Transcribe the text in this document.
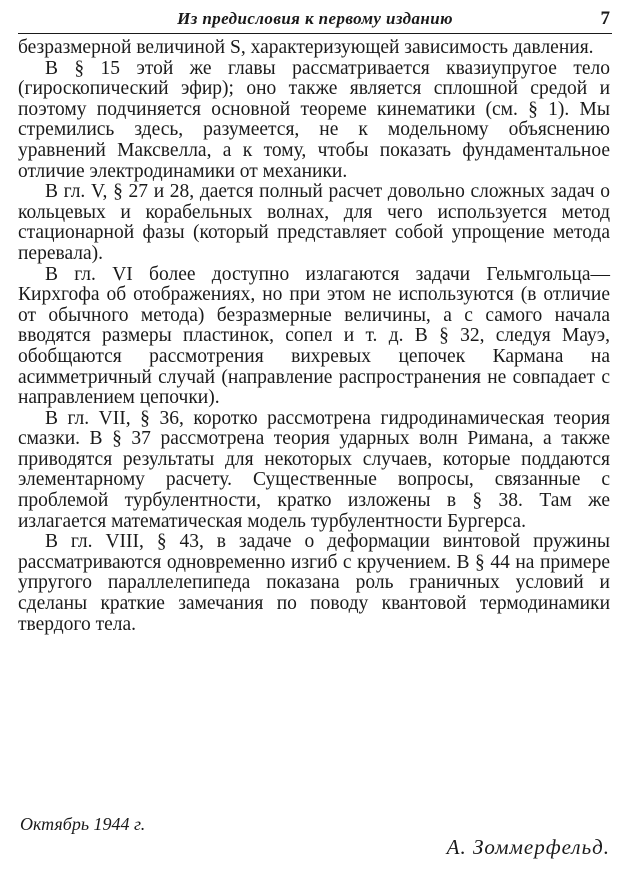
Из предисловия к первому изданию	7

безразмерной величиной S, характеризующей зависимость давления.

В § 15 этой же главы рассматривается квазиупругое тело (гироскопический эфир); оно также является сплошной средой и поэтому подчиняется основной теореме кинематики (см. § 1). Мы стремились здесь, разумеется, не к модельному объяснению уравнений Максвелла, а к тому, чтобы показать фундаментальное отличие электродинамики от механики.

В гл. V, § 27 и 28, дается полный расчет довольно сложных задач о кольцевых и корабельных волнах, для чего используется метод стационарной фазы (который представляет собой упрощение метода перевала).

В гл. VI более доступно излагаются задачи Гельмгольца—Кирхгофа об отображениях, но при этом не используются (в отличие от обычного метода) безразмерные величины, а с самого начала вводятся размеры пластинок, сопел и т. д. В § 32, следуя Мауэ, обобщаются рассмотрения вихревых цепочек Кармана на асимметричный случай (направление распространения не совпадает с направлением цепочки).

В гл. VII, § 36, коротко рассмотрена гидродинамическая теория смазки. В § 37 рассмотрена теория ударных волн Римана, а также приводятся результаты для некоторых случаев, которые поддаются элементарному расчету. Существенные вопросы, связанные с проблемой турбулентности, кратко изложены в § 38. Там же излагается математическая модель турбулентности Бургерса.

В гл. VIII, § 43, в задаче о деформации винтовой пружины рассматриваются одновременно изгиб с кручением. В § 44 на примере упругого параллелепипеда показана роль граничных условий и сделаны краткие замечания по поводу квантовой термодинамики твердого тела.

Октябрь 1944 г.
А. Зоммерфельд.
